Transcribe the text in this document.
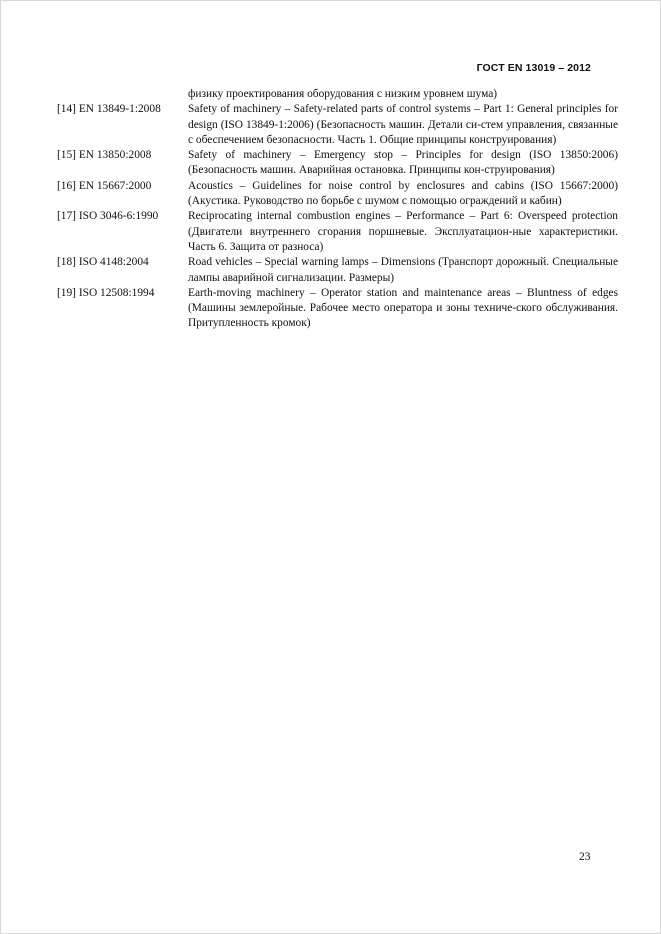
ГОСТ EN 13019 – 2012
физику проектирования оборудования с низким уровнем шума)
[14] EN 13849-1:2008	Safety of machinery – Safety-related parts of control systems – Part 1: General principles for design (ISO 13849-1:2006) (Безопасность машин. Детали си-стем управления, связанные с обеспечением безопасности. Часть 1. Общие принципы конструирования)
[15] EN 13850:2008	Safety of machinery – Emergency stop – Principles for design (ISO 13850:2006) (Безопасность машин. Аварийная остановка. Принципы кон-струирования)
[16] EN 15667:2000	Acoustics – Guidelines for noise control by enclosures and cabins (ISO 15667:2000) (Акустика. Руководство по борьбе с шумом с помощью ограждений и кабин)
[17] ISO 3046-6:1990	Reciprocating internal combustion engines – Performance – Part 6: Overspeed protection (Двигатели внутреннего сгорания поршневые. Эксплуатацион-ные характеристики. Часть 6. Защита от разноса)
[18] ISO 4148:2004	Road vehicles – Special warning lamps – Dimensions (Транспорт дорожный. Специальные лампы аварийной сигнализации. Размеры)
[19] ISO 12508:1994	Earth-moving machinery – Operator station and maintenance areas – Bluntness of edges (Машины землеройные. Рабочее место оператора и зоны техниче-ского обслуживания. Притупленность кромок)
23
